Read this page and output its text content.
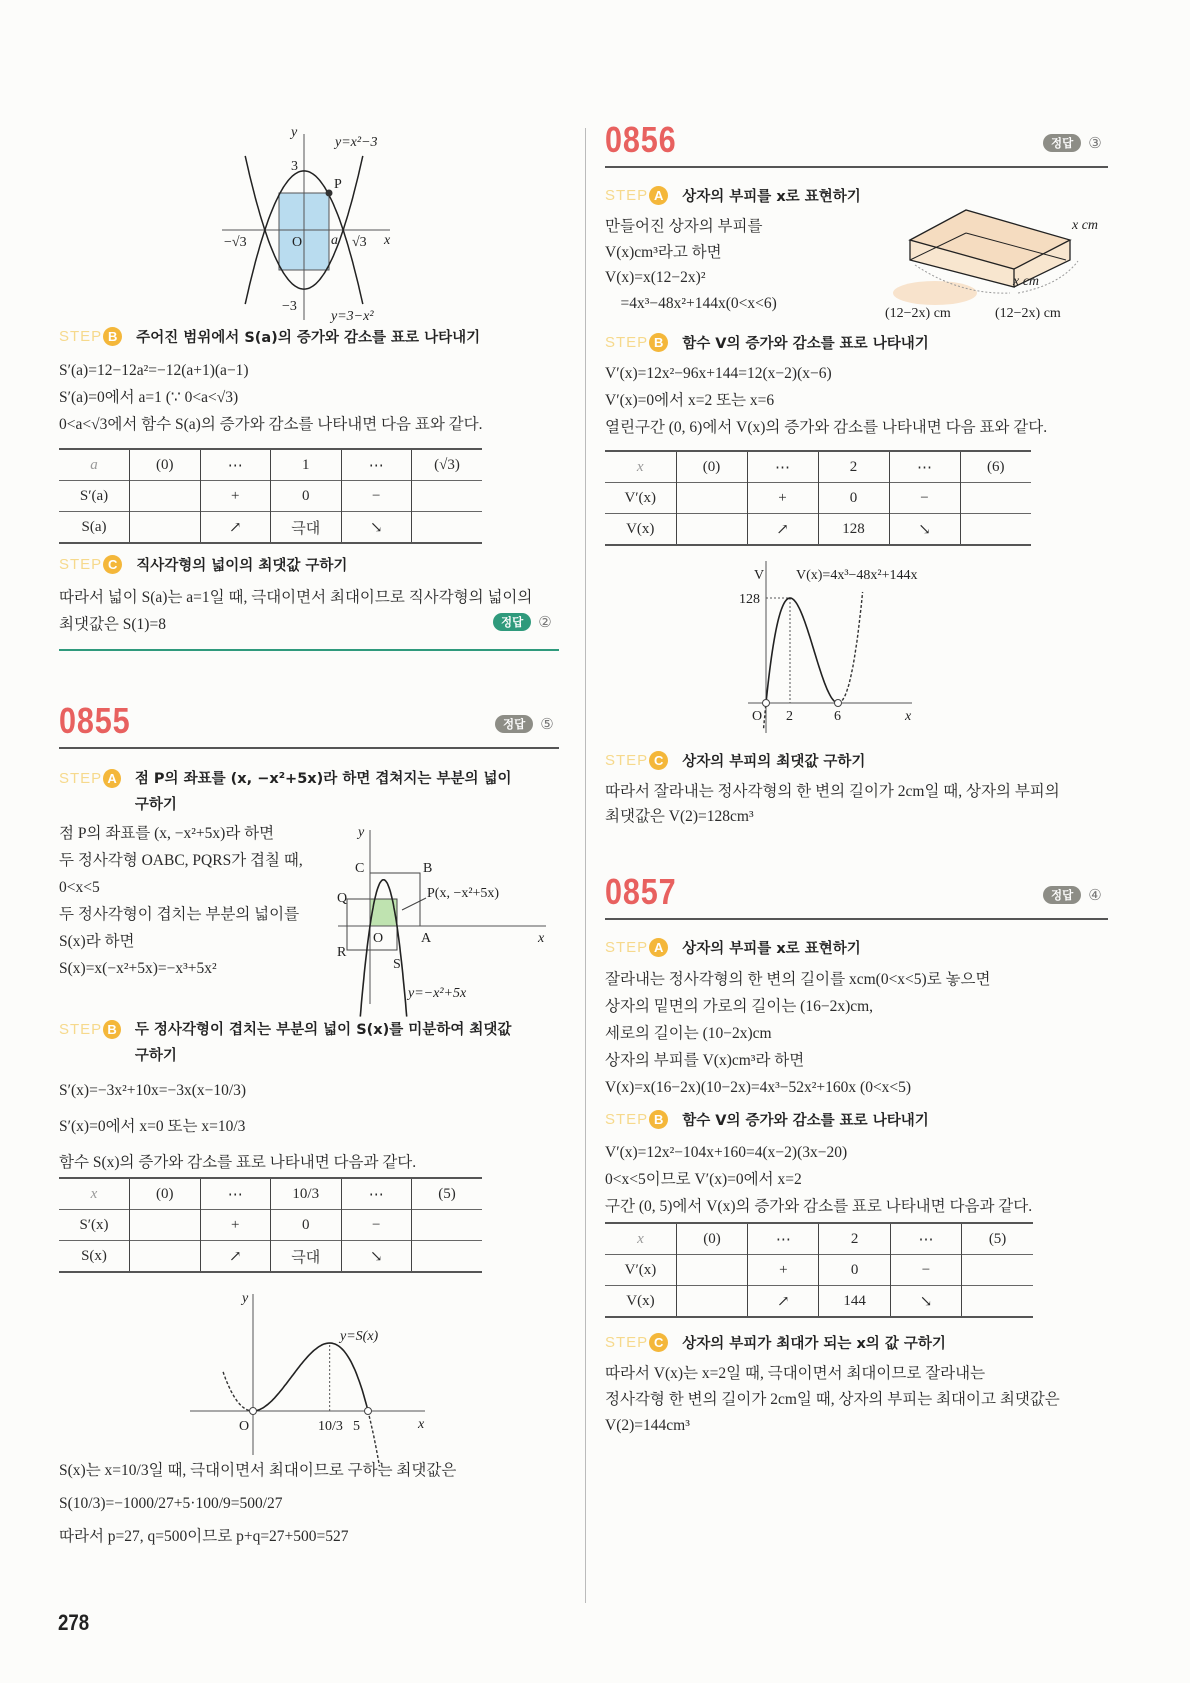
y
x
3
−3
−√3	√3
O a
P
y=x²−3
y=3−x²
STEP B	주어진 범위에서 S(a)의 증가와 감소를 표로 나타내기
S′(a)=12−12a²=−12(a+1)(a−1)
S′(a)=0에서 a=1 (∵ 0<a<√3)
0<a<√3에서 함수 S(a)의 증가와 감소를 나타내면 다음 표와 같다.
a	(0)	⋯	1	⋯	(√3)
S′(a)		+	0	−	
S(a)		↗	극대	↘	
STEP C	직사각형의 넓이의 최댓값 구하기
따라서 넓이 S(a)는 a=1일 때, 극대이면서 최대이므로 직사각형의 넓이의
최댓값은 S(1)=8	정답	②
0855	정답	⑤
STEP A 점 P의 좌표를 (x, −x²+5x)라 하면 겹쳐지는 부분의 넓이 구하기
점 P의 좌표를 (x, −x²+5x)라 하면
두 정사각형 OABC, PQRS가 겹칠 때,
0<x<5
두 정사각형이 겹치는 부분의 넓이를
S(x)라 하면
S(x)=x(−x²+5x)=−x³+5x²
y
x
O	A
B
C
Q
R
S
P(x, −x²+5x)
y=−x²+5x
STEP B 두 정사각형이 겹치는 부분의 넓이 S(x)를 미분하여 최댓값 구하기
S′(x)=−3x²+10x=−3x(x−10/3)
S′(x)=0에서 x=0 또는 x=10/3
함수 S(x)의 증가와 감소를 표로 나타내면 다음과 같다.
x	(0)	⋯	10/3	⋯	(5)
S′(x)		+	0	−	
S(x)		↗	극대	↘	
y
x
O	10/3 5
y=S(x)
S(x)는 x=10/3일 때, 극대이면서 최대이므로 구하는 최댓값은
S(10/3)=−1000/27+5·100/9=500/27
따라서 p=27, q=500이므로 p+q=27+500=527
278
0856	정답	③
STEP A	상자의 부피를 x로 표현하기
만들어진 상자의 부피를
V(x)cm³라고 하면
V(x)=x(12−2x)²
=4x³−48x²+144x(0<x<6)
x cm
x cm
(12−2x) cm	(12−2x) cm
STEP B	함수 V의 증가와 감소를 표로 나타내기
V′(x)=12x²−96x+144=12(x−2)(x−6)
V′(x)=0에서 x=2 또는 x=6
열린구간 (0, 6)에서 V(x)의 증가와 감소를 나타내면 다음 표와 같다.
x	(0)	⋯	2	⋯	(6)
V′(x)		+	0	−	
V(x)		↗	128	↘	
V
x
O 2	6
128
V(x)=4x³−48x²+144x
STEP C	상자의 부피의 최댓값 구하기
따라서 잘라내는 정사각형의 한 변의 길이가 2cm일 때, 상자의 부피의
최댓값은 V(2)=128cm³
0857	정답	④
STEP A	상자의 부피를 x로 표현하기
잘라내는 정사각형의 한 변의 길이를 xcm(0<x<5)로 놓으면
상자의 밑면의 가로의 길이는 (16−2x)cm,
세로의 길이는 (10−2x)cm
상자의 부피를 V(x)cm³라 하면
V(x)=x(16−2x)(10−2x)=4x³−52x²+160x (0<x<5)
STEP B	함수 V의 증가와 감소를 표로 나타내기
V′(x)=12x²−104x+160=4(x−2)(3x−20)
0<x<5이므로 V′(x)=0에서 x=2
구간 (0, 5)에서 V(x)의 증가와 감소를 표로 나타내면 다음과 같다.
x	(0)	⋯	2	⋯	(5)
V′(x)		+	0	−	
V(x)		↗	144	↘	
STEP C	상자의 부피가 최대가 되는 x의 값 구하기
따라서 V(x)는 x=2일 때, 극대이면서 최대이므로 잘라내는
정사각형 한 변의 길이가 2cm일 때, 상자의 부피는 최대이고 최댓값은
V(2)=144cm³
